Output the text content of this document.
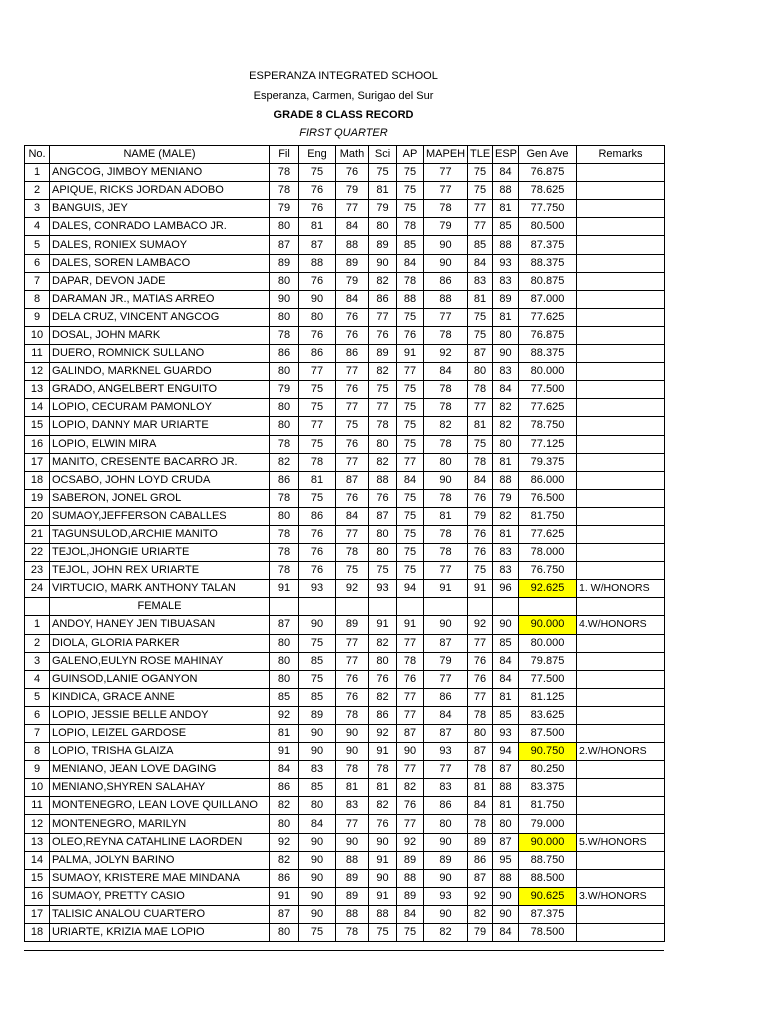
ESPERANZA INTEGRATED SCHOOL
Esperanza, Carmen, Surigao del Sur
GRADE 8 CLASS RECORD
FIRST QUARTER
No.	NAME (MALE)	Fil	Eng	Math	Sci	AP	MAPEH	TLE	ESP	Gen Ave	Remarks
1	ANGCOG, JIMBOY MENIANO	78	75	76	75	75	77	75	84	76.875	
2	APIQUE, RICKS JORDAN ADOBO	78	76	79	81	75	77	75	88	78.625	
3	BANGUIS, JEY	79	76	77	79	75	78	77	81	77.750	
4	DALES, CONRADO LAMBACO JR.	80	81	84	80	78	79	77	85	80.500	
5	DALES, RONIEX SUMAOY	87	87	88	89	85	90	85	88	87.375	
6	DALES, SOREN LAMBACO	89	88	89	90	84	90	84	93	88.375	
7	DAPAR, DEVON JADE	80	76	79	82	78	86	83	83	80.875	
8	DARAMAN JR., MATIAS ARREO	90	90	84	86	88	88	81	89	87.000	
9	DELA CRUZ, VINCENT ANGCOG	80	80	76	77	75	77	75	81	77.625	
10	DOSAL, JOHN MARK	78	76	76	76	76	78	75	80	76.875	
11	DUERO, ROMNICK SULLANO	86	86	86	89	91	92	87	90	88.375	
12	GALINDO, MARKNEL GUARDO	80	77	77	82	77	84	80	83	80.000	
13	GRADO, ANGELBERT ENGUITO	79	75	76	75	75	78	78	84	77.500	
14	LOPIO, CECURAM PAMONLOY	80	75	77	77	75	78	77	82	77.625	
15	LOPIO, DANNY MAR URIARTE	80	77	75	78	75	82	81	82	78.750	
16	LOPIO, ELWIN MIRA	78	75	76	80	75	78	75	80	77.125	
17	MANITO, CRESENTE BACARRO JR.	82	78	77	82	77	80	78	81	79.375	
18	OCSABO, JOHN LOYD CRUDA	86	81	87	88	84	90	84	88	86.000	
19	SABERON, JONEL GROL	78	75	76	76	75	78	76	79	76.500	
20	SUMAOY,JEFFERSON CABALLES	80	86	84	87	75	81	79	82	81.750	
21	TAGUNSULOD,ARCHIE MANITO	78	76	77	80	75	78	76	81	77.625	
22	TEJOL,JHONGIE URIARTE	78	76	78	80	75	78	76	83	78.000	
23	TEJOL, JOHN REX URIARTE	78	76	75	75	75	77	75	83	76.750	
24	VIRTUCIO, MARK ANTHONY TALAN	91	93	92	93	94	91	91	96	92.625	1. W/HONORS
	FEMALE										
1	ANDOY, HANEY JEN TIBUASAN	87	90	89	91	91	90	92	90	90.000	4.W/HONORS
2	DIOLA, GLORIA PARKER	80	75	77	82	77	87	77	85	80.000	
3	GALENO,EULYN ROSE MAHINAY	80	85	77	80	78	79	76	84	79.875	
4	GUINSOD,LANIE OGANYON	80	75	76	76	76	77	76	84	77.500	
5	KINDICA, GRACE ANNE	85	85	76	82	77	86	77	81	81.125	
6	LOPIO, JESSIE BELLE ANDOY	92	89	78	86	77	84	78	85	83.625	
7	LOPIO, LEIZEL GARDOSE	81	90	90	92	87	87	80	93	87.500	
8	LOPIO, TRISHA GLAIZA	91	90	90	91	90	93	87	94	90.750	2.W/HONORS
9	MENIANO, JEAN LOVE DAGING	84	83	78	78	77	77	78	87	80.250	
10	MENIANO,SHYREN SALAHAY	86	85	81	81	82	83	81	88	83.375	
11	MONTENEGRO, LEAN LOVE QUILLANO	82	80	83	82	76	86	84	81	81.750	
12	MONTENEGRO, MARILYN	80	84	77	76	77	80	78	80	79.000	
13	OLEO,REYNA CATAHLINE LAORDEN	92	90	90	90	92	90	89	87	90.000	5.W/HONORS
14	PALMA, JOLYN BARINO	82	90	88	91	89	89	86	95	88.750	
15	SUMAOY, KRISTERE MAE MINDANA	86	90	89	90	88	90	87	88	88.500	
16	SUMAOY, PRETTY CASIO	91	90	89	91	89	93	92	90	90.625	3.W/HONORS
17	TALISIC ANALOU CUARTERO	87	90	88	88	84	90	82	90	87.375	
18	URIARTE, KRIZIA MAE LOPIO	80	75	78	75	75	82	79	84	78.500	
